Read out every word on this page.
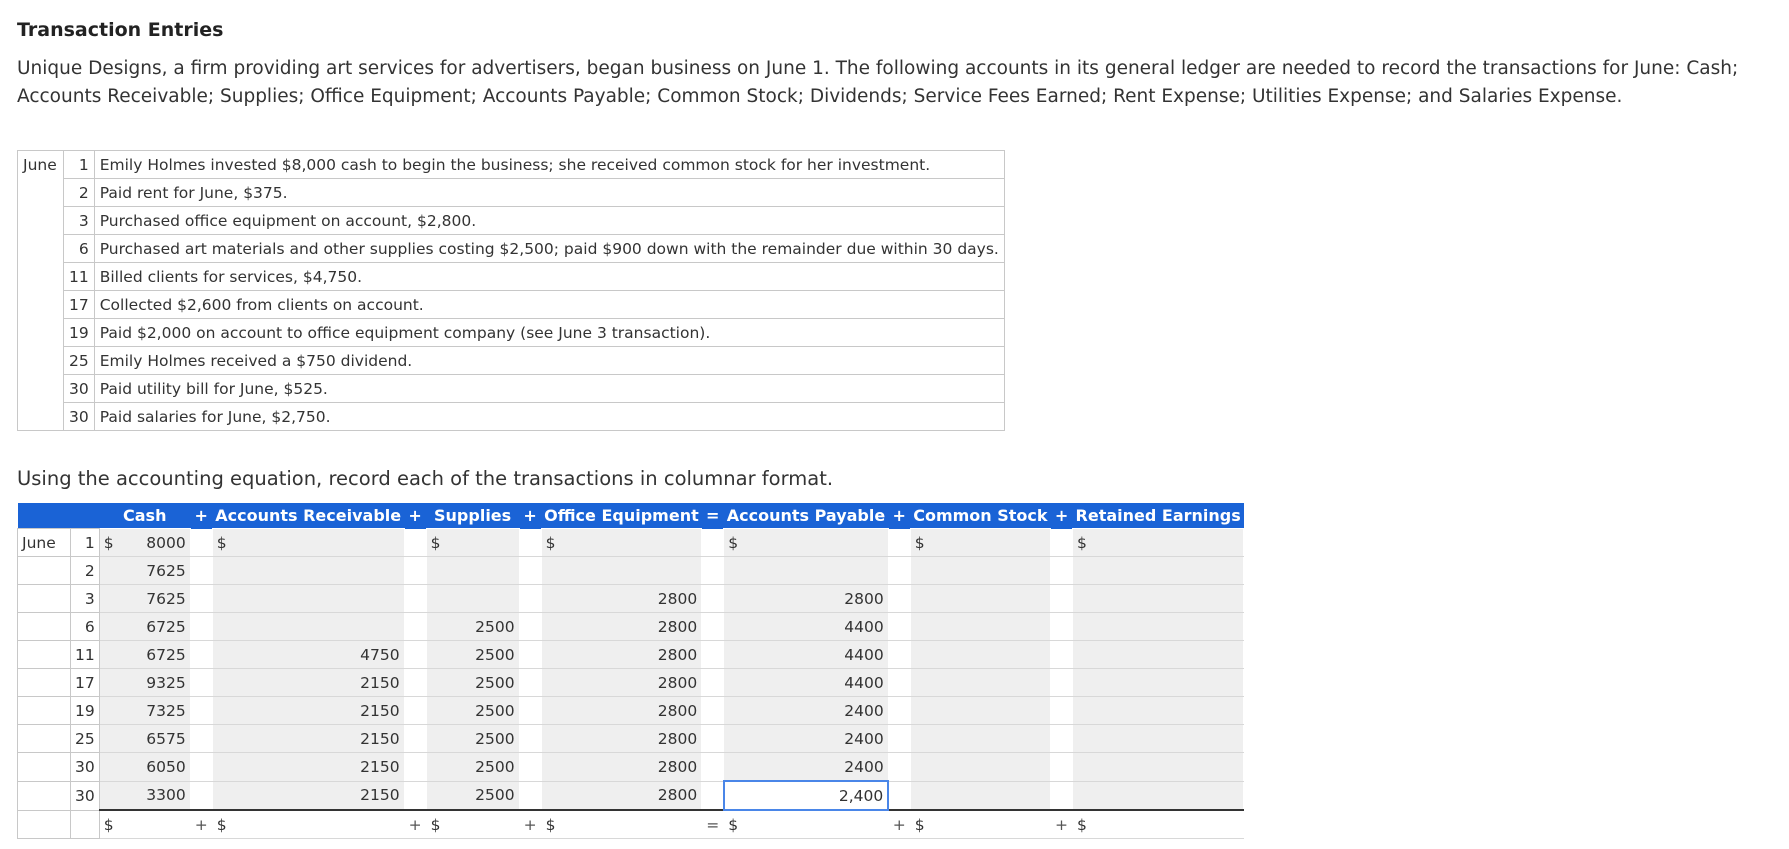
Transaction Entries
Unique Designs, a firm providing art services for advertisers, began business on June 1. The following accounts in its general ledger are needed to record the transactions for June: Cash; Accounts Receivable; Supplies; Office Equipment; Accounts Payable; Common Stock; Dividends; Service Fees Earned; Rent Expense; Utilities Expense; and Salaries Expense.
June	1	Emily Holmes invested $8,000 cash to begin the business; she received common stock for her investment.
	2	Paid rent for June, $375.
	3	Purchased office equipment on account, $2,800.
	6	Purchased art materials and other supplies costing $2,500; paid $900 down with the remainder due within 30 days.
	11	Billed clients for services, $4,750.
	17	Collected $2,600 from clients on account.
	19	Paid $2,000 on account to office equipment company (see June 3 transaction).
	25	Emily Holmes received a $750 dividend.
	30	Paid utility bill for June, $525.
	30	Paid salaries for June, $2,750.
Using the accounting equation, record each of the transactions in columnar format.
		Cash	+	Accounts Receivable	+	Supplies	+	Office Equipment	=	Accounts Payable	+	Common Stock	+	Retained Earnings
June	1	$ 8000		$		$		$		$		$		$

	2	7625												
	3	7625						2800		2800				
	6	6725				2500		2800		4400				
	11	6725		4750		2500		2800		4400				
	17	9325		2150		2500		2800		4400				
	19	7325		2150		2500		2800		2400				
	25	6575		2150		2500		2800		2400				
	30	6050		2150		2500		2800		2400				
	30	3300		2150		2500		2800		2,400				

		$	+	$	+	$	+	$	=	$	+	$	+	$
